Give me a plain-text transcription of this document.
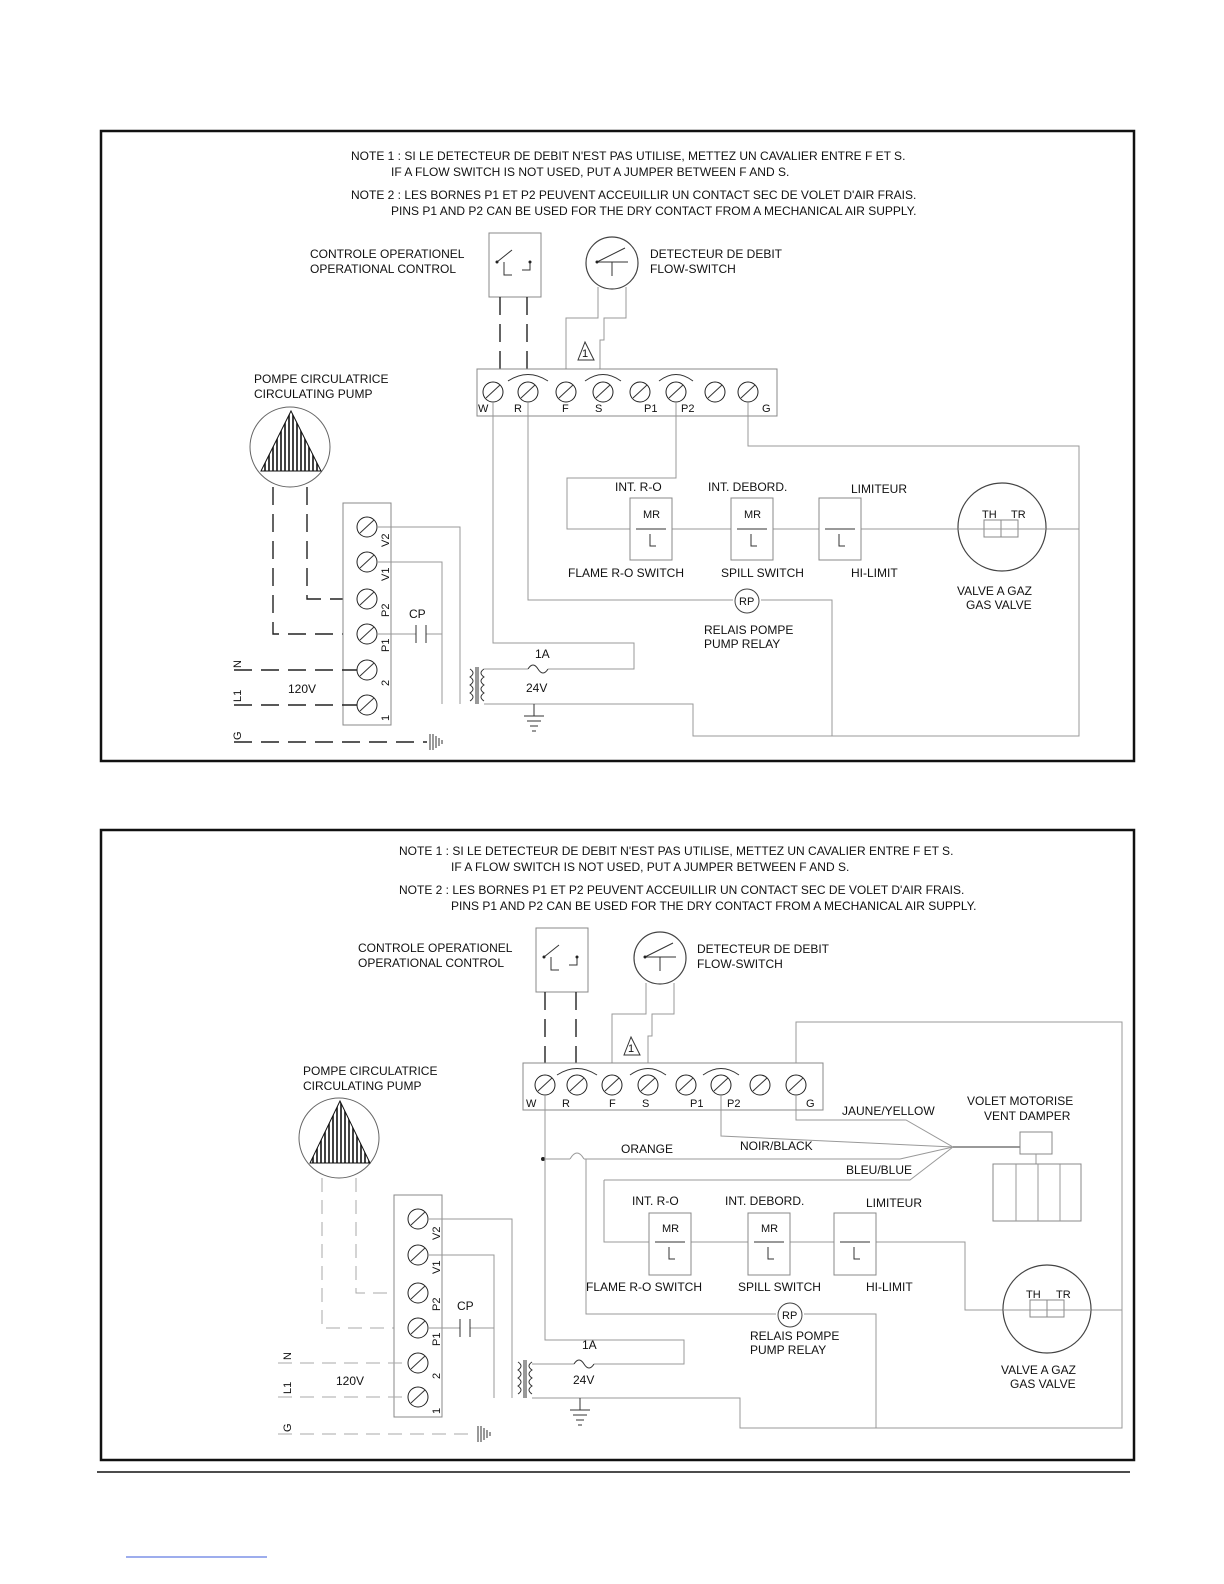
NOTE 1 : SI LE DETECTEUR DE DEBIT N'EST PAS UTILISE, METTEZ UN CAVALIER ENTRE F ET S.
IF A FLOW SWITCH IS NOT USED, PUT A JUMPER BETWEEN F AND S.
NOTE 2 : LES BORNES P1 ET P2 PEUVENT ACCEUILLIR UN CONTACT SEC DE VOLET D'AIR FRAIS.
PINS P1 AND P2 CAN BE USED FOR THE DRY CONTACT FROM A MECHANICAL AIR SUPPLY.
CONTROLE OPERATIONEL
OPERATIONAL CONTROL
DETECTEUR DE DEBIT
FLOW-SWITCH
1
W R	F S	P1 P2	G
MR
INT. R-O
FLAME R-O SWITCH
MR
INT. DEBORD.
SPILL SWITCH
LIMITEUR
HI-LIMIT
TH TR
VALVE A GAZ
GAS VALVE
RP
RELAIS POMPE
PUMP RELAY
POMPE CIRCULATRICE
CIRCULATING PUMP
V2
V1
P2
P1
2
1
CP
1A
24V
N
L1
G
120V
NOTE 1 : SI LE DETECTEUR DE DEBIT N'EST PAS UTILISE, METTEZ UN CAVALIER ENTRE F ET S.
IF A FLOW SWITCH IS NOT USED, PUT A JUMPER BETWEEN F AND S.
NOTE 2 : LES BORNES P1 ET P2 PEUVENT ACCEUILLIR UN CONTACT SEC DE VOLET D'AIR FRAIS.
PINS P1 AND P2 CAN BE USED FOR THE DRY CONTACT FROM A MECHANICAL AIR SUPPLY.
CONTROLE OPERATIONEL
OPERATIONAL CONTROL
DETECTEUR DE DEBIT
FLOW-SWITCH
1
W R	F S	P1 P2	G JAUNE/YELLOW
NOIR/BLACK
ORANGE
BLEU/BLUE
VOLET MOTORISE
VENT DAMPER
MR
INT. R-O
FLAME R-O SWITCH
MR
INT. DEBORD.
SPILL SWITCH
LIMITEUR
HI-LIMIT
TH TR
VALVE A GAZ
GAS VALVE
RP
RELAIS POMPE
PUMP RELAY
POMPE CIRCULATRICE
CIRCULATING PUMP
V2
V1
P2
P1
2
1
CP
1A
24V
N
L1
G
120V
